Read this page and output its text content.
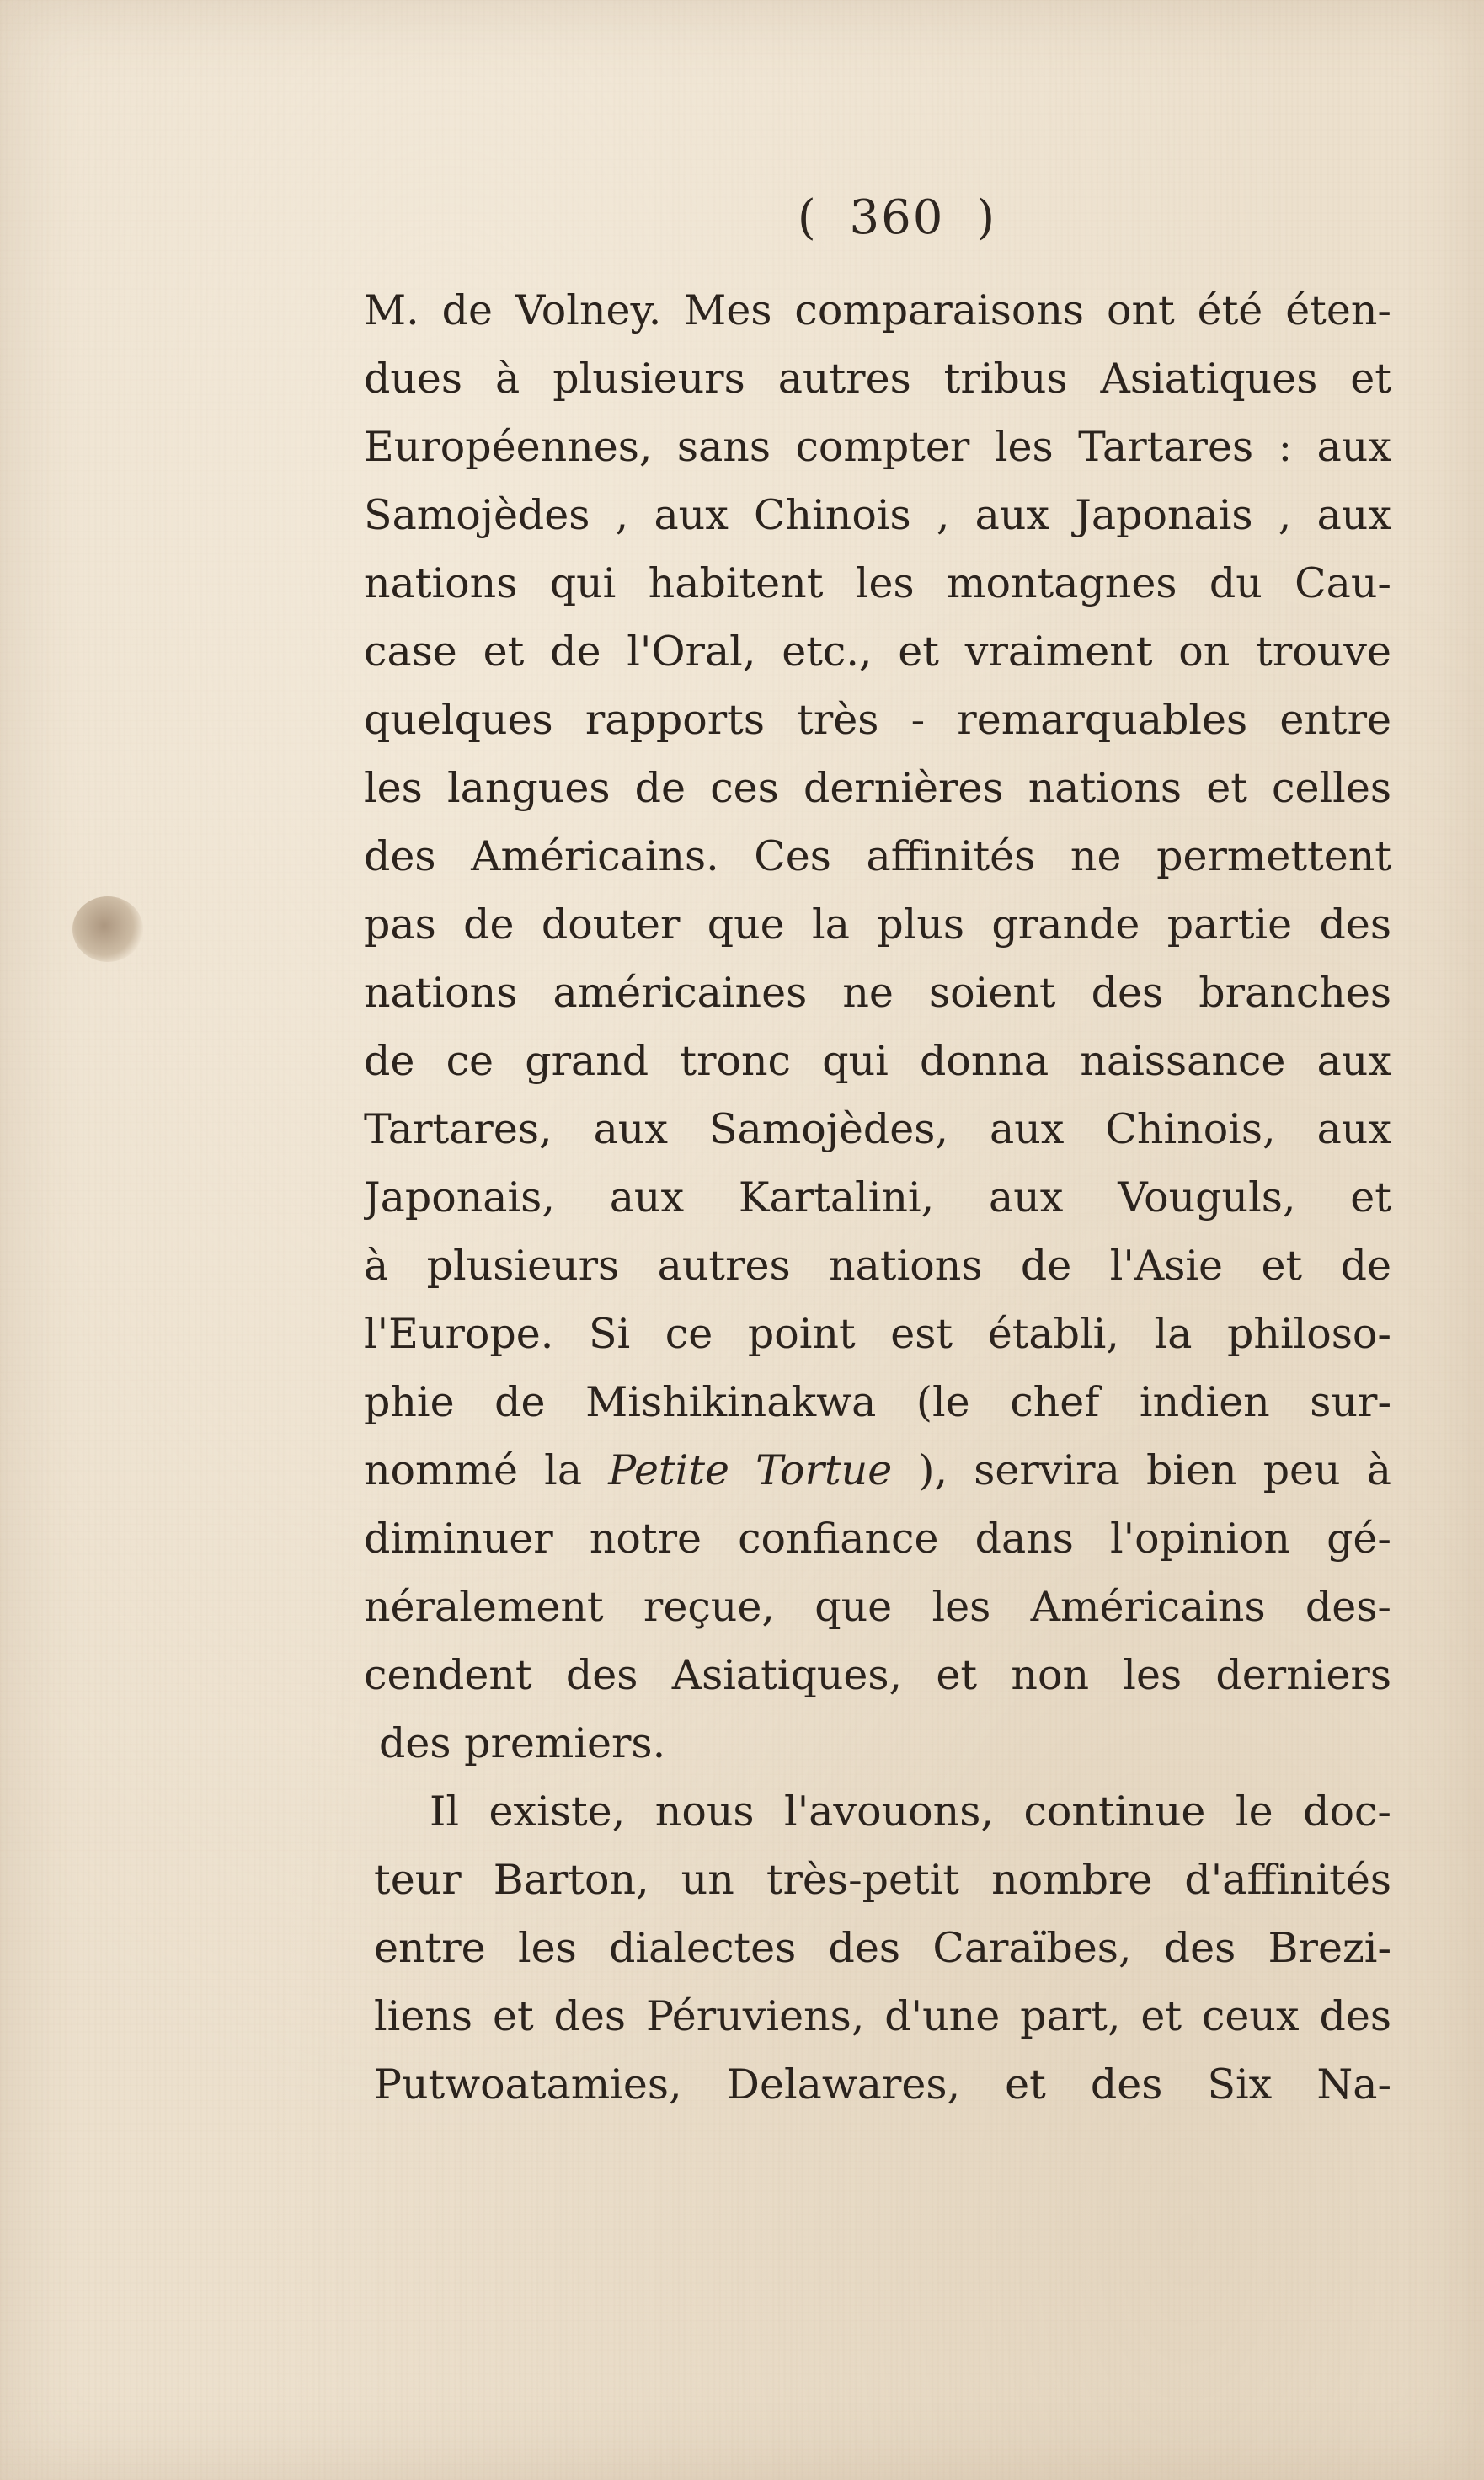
( 360 )
M. de Volney. Mes comparaisons ont été éten-
dues à plusieurs autres tribus Asiatiques et
Européennes, sans compter les Tartares : aux
Samojèdes , aux Chinois , aux Japonais , aux
nations qui habitent les montagnes du Cau-
case et de l'Oral, etc., et vraiment on trouve
quelques rapports très - remarquables entre
les langues de ces dernières nations et celles
des Américains. Ces affinités ne permettent
pas de douter que la plus grande partie des
nations américaines ne soient des branches
de ce grand tronc qui donna naissance aux
Tartares, aux Samojèdes, aux Chinois, aux
Japonais, aux Kartalini, aux Vouguls, et
à plusieurs autres nations de l'Asie et de
l'Europe. Si ce point est établi, la philoso-
phie de Mishikinakwa (le chef indien sur-
nommé la Petite Tortue ), servira bien peu à
diminuer notre confiance dans l'opinion gé-
néralement reçue, que les Américains des-
cendent des Asiatiques, et non les derniers
des premiers.
Il existe, nous l'avouons, continue le doc-
teur Barton, un très-petit nombre d'affinités
entre les dialectes des Caraïbes, des Brezi-
liens et des Péruviens, d'une part, et ceux des
Putwoatamies, Delawares, et des Six Na-
